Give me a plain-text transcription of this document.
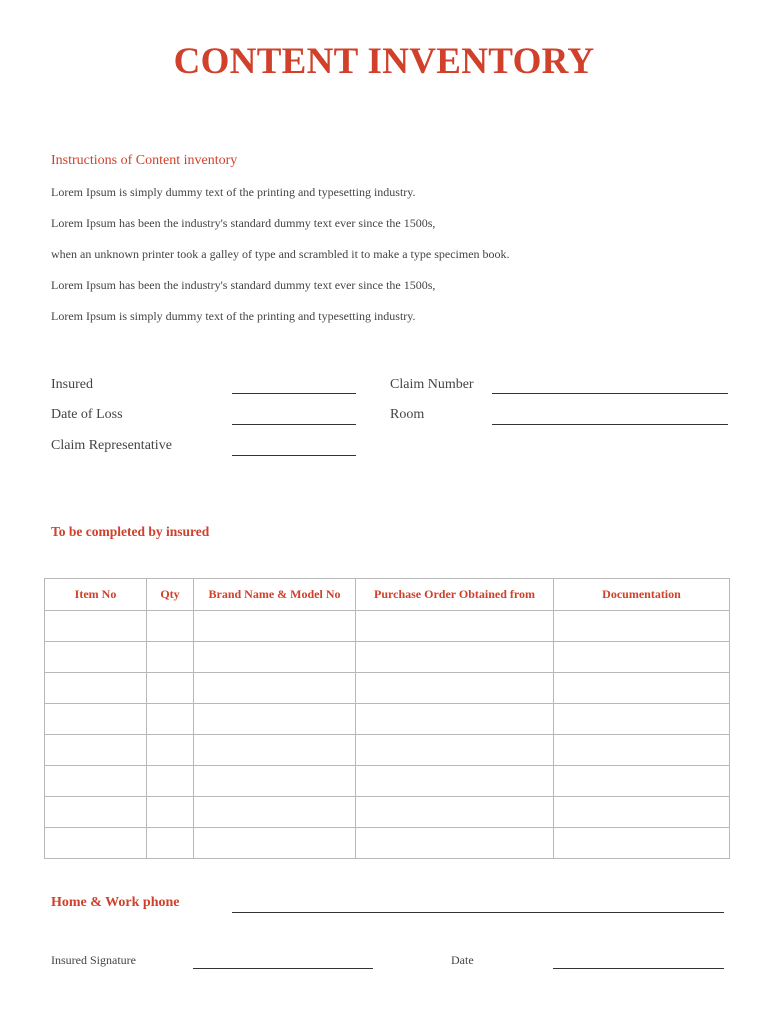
CONTENT INVENTORY
Instructions of Content inventory
Lorem Ipsum is simply dummy text of the printing and typesetting industry.
Lorem Ipsum has been the industry's standard dummy text ever since the 1500s,
when an unknown printer took a galley of type and scrambled it to make a type specimen book.
Lorem Ipsum has been the industry's standard dummy text ever since the 1500s,
Lorem Ipsum is simply dummy text of the printing and typesetting industry.
Insured
Date of Loss
Claim Representative
Claim Number
Room
To be completed by insured
Item No	Qty	Brand Name & Model No	Purchase Order Obtained from	Documentation

Home & Work phone
Insured Signature	Date
